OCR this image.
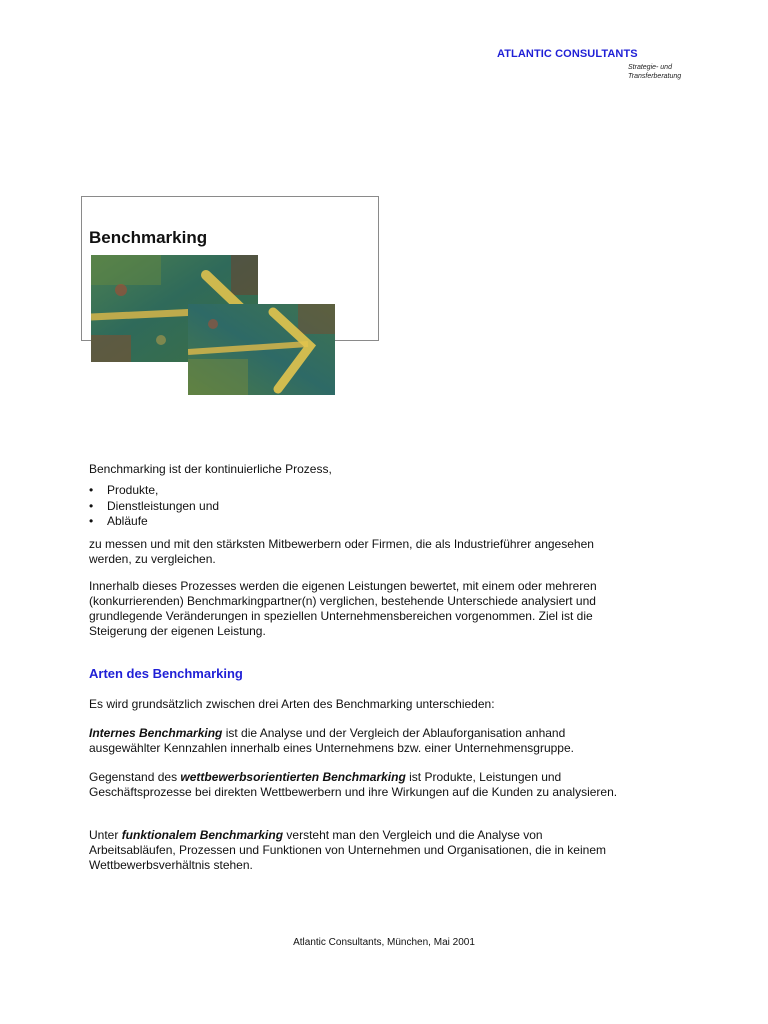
ATLANTIC CONSULTANTS
Strategie- und
Transferberatung
Benchmarking
Benchmarking ist der kontinuierliche Prozess,
• Produkte,
• Dienstleistungen und
• Abläufe
zu messen und mit den stärksten Mitbewerbern oder Firmen, die als Industrieführer angesehen werden, zu vergleichen.
Innerhalb dieses Prozesses werden die eigenen Leistungen bewertet, mit einem oder mehreren (konkurrierenden) Benchmarkingpartner(n) verglichen, bestehende Unterschiede analysiert und grundlegende Veränderungen in speziellen Unternehmensbereichen vorgenommen. Ziel ist die Steigerung der eigenen Leistung.
Arten des Benchmarking
Es wird grundsätzlich zwischen drei Arten des Benchmarking unterschieden:
Internes Benchmarking ist die Analyse und der Vergleich der Ablauforganisation anhand ausgewählter Kennzahlen innerhalb eines Unternehmens bzw. einer Unternehmensgruppe.
Gegenstand des wettbewerbsorientierten Benchmarking ist Produkte, Leistungen und Geschäftsprozesse bei direkten Wettbewerbern und ihre Wirkungen auf die Kunden zu analysieren.
Unter funktionalem Benchmarking versteht man den Vergleich und die Analyse von Arbeitsabläufen, Prozessen und Funktionen von Unternehmen und Organisationen, die in keinem Wettbewerbsverhältnis stehen.
Atlantic Consultants, München, Mai 2001
